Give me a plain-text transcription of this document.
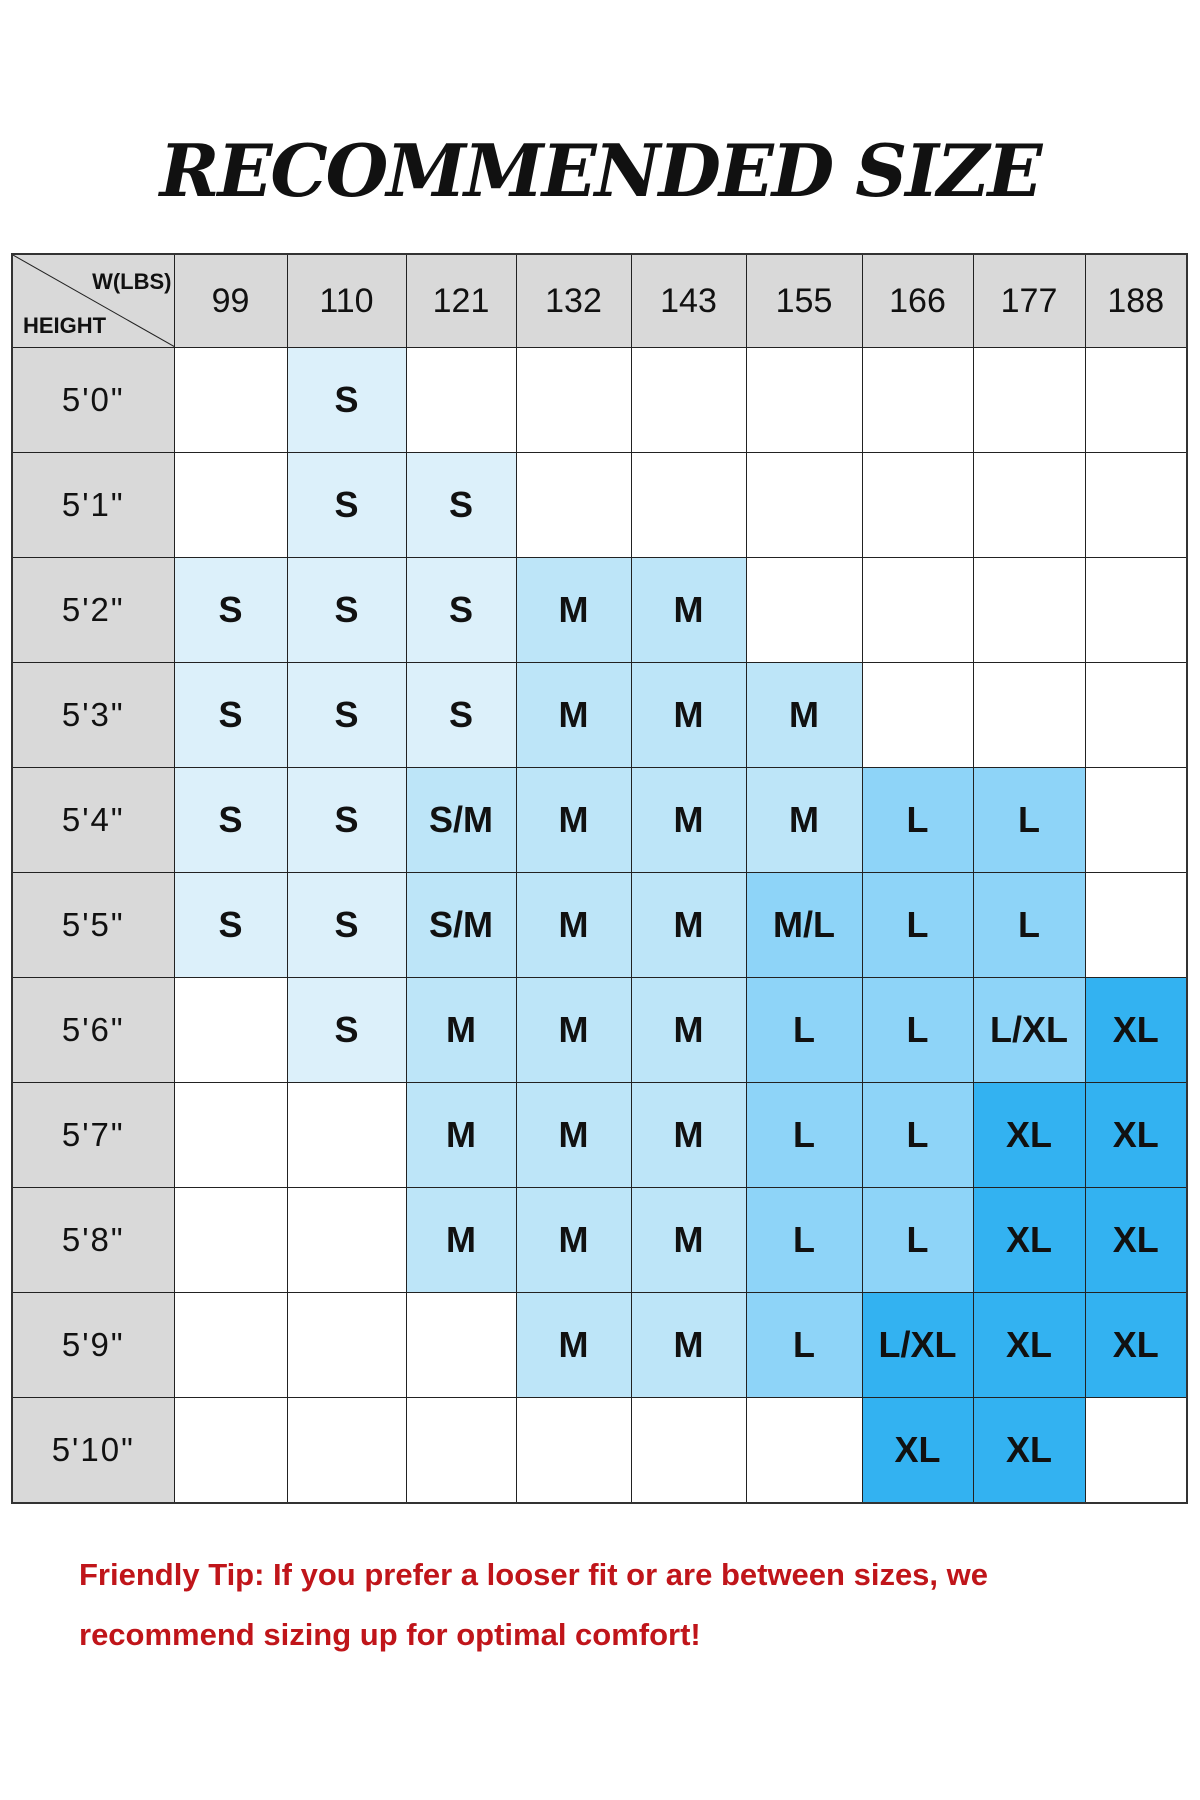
RECOMMENDED SIZE
W(LBS)
HEIGHT	99	110	121	132	143	155	166	177	188
5'0"		S							
5'1"		S	S						
5'2"	S	S	S	M	M				
5'3"	S	S	S	M	M	M			
5'4"	S	S	S/M	M	M	M	L	L	
5'5"	S	S	S/M	M	M	M/L	L	L	
5'6"		S	M	M	M	L	L	L/XL	XL
5'7"			M	M	M	L	L	XL	XL
5'8"			M	M	M	L	L	XL	XL
5'9"				M	M	L	L/XL	XL	XL
5'10"							XL	XL	
Friendly Tip: If you prefer a looser fit or are between sizes, we recommend sizing up for optimal comfort!
